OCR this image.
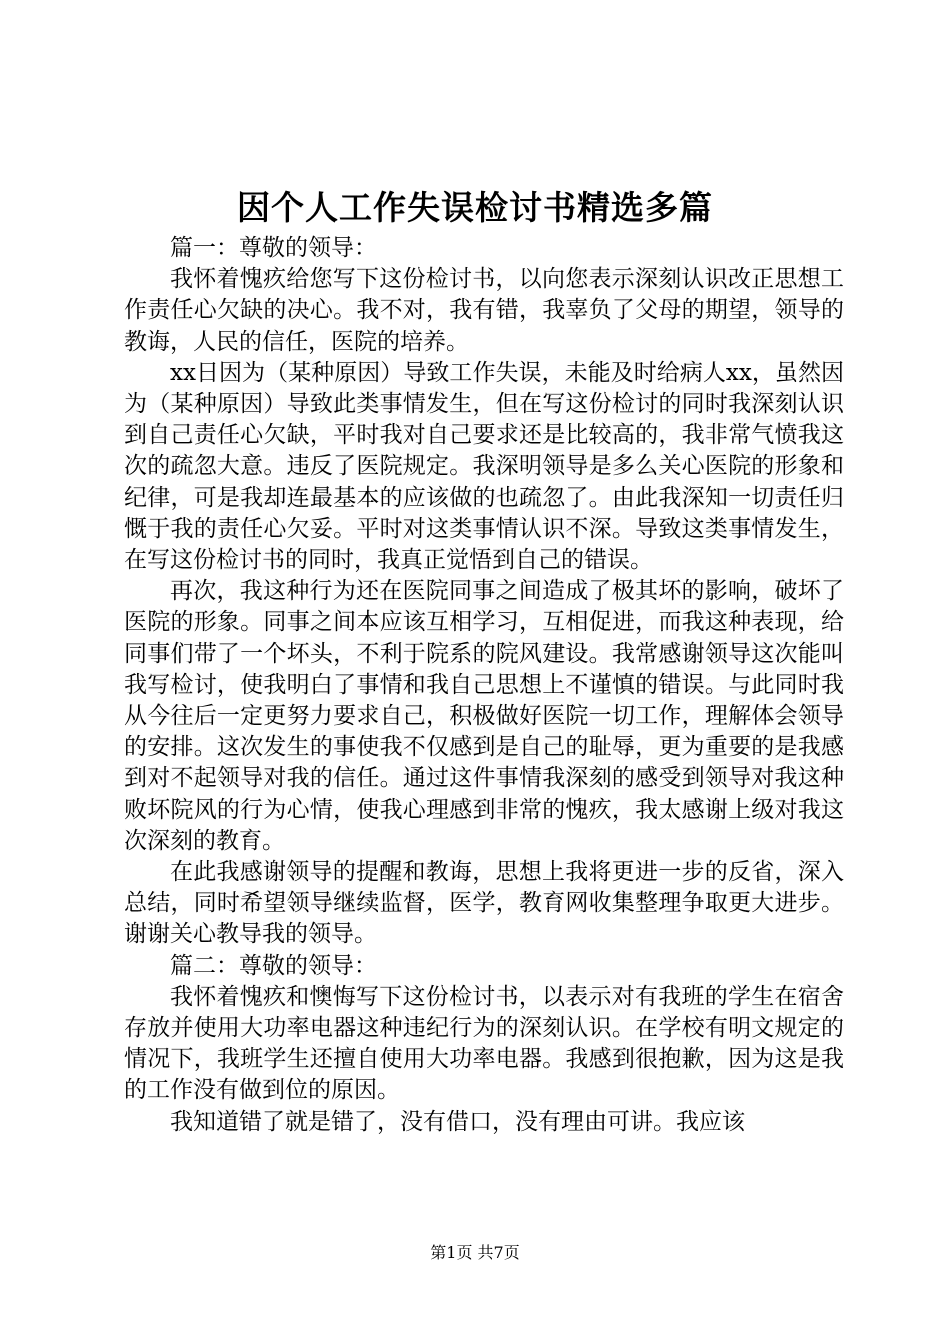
因个人工作失误检讨书精选多篇

篇一：尊敬的领导：

我怀着愧疚给您写下这份检讨书，以向您表示深刻认识改正思想工作责任心欠缺的决心。我不对，我有错，我辜负了父母的期望，领导的教诲，人民的信任，医院的培养。

xx日因为（某种原因）导致工作失误，未能及时给病人xx，虽然因为（某种原因）导致此类事情发生，但在写这份检讨的同时我深刻认识到自己责任心欠缺，平时我对自己要求还是比较高的，我非常气愤我这次的疏忽大意。违反了医院规定。我深明领导是多么关心医院的形象和纪律，可是我却连最基本的应该做的也疏忽了。由此我深知一切责任归慨于我的责任心欠妥。平时对这类事情认识不深。导致这类事情发生，在写这份检讨书的同时，我真正觉悟到自己的错误。

再次，我这种行为还在医院同事之间造成了极其坏的影响，破坏了医院的形象。同事之间本应该互相学习，互相促进，而我这种表现，给同事们带了一个坏头，不利于院系的院风建设。我常感谢领导这次能叫我写检讨，使我明白了事情和我自己思想上不谨慎的错误。与此同时我从今往后一定更努力要求自己，积极做好医院一切工作，理解体会领导的安排。这次发生的事使我不仅感到是自己的耻辱，更为重要的是我感到对不起领导对我的信任。通过这件事情我深刻的感受到领导对我这种败坏院风的行为心情，使我心理感到非常的愧疚，我太感谢上级对我这次深刻的教育。

在此我感谢领导的提醒和教诲，思想上我将更进一步的反省，深入总结，同时希望领导继续监督，医学，教育网收集整理争取更大进步。谢谢关心教导我的领导。

篇二：尊敬的领导：

我怀着愧疚和懊悔写下这份检讨书，以表示对有我班的学生在宿舍存放并使用大功率电器这种违纪行为的深刻认识。在学校有明文规定的情况下，我班学生还擅自使用大功率电器。我感到很抱歉，因为这是我的工作没有做到位的原因。

我知道错了就是错了，没有借口，没有理由可讲。我应该

第1页 共7页
